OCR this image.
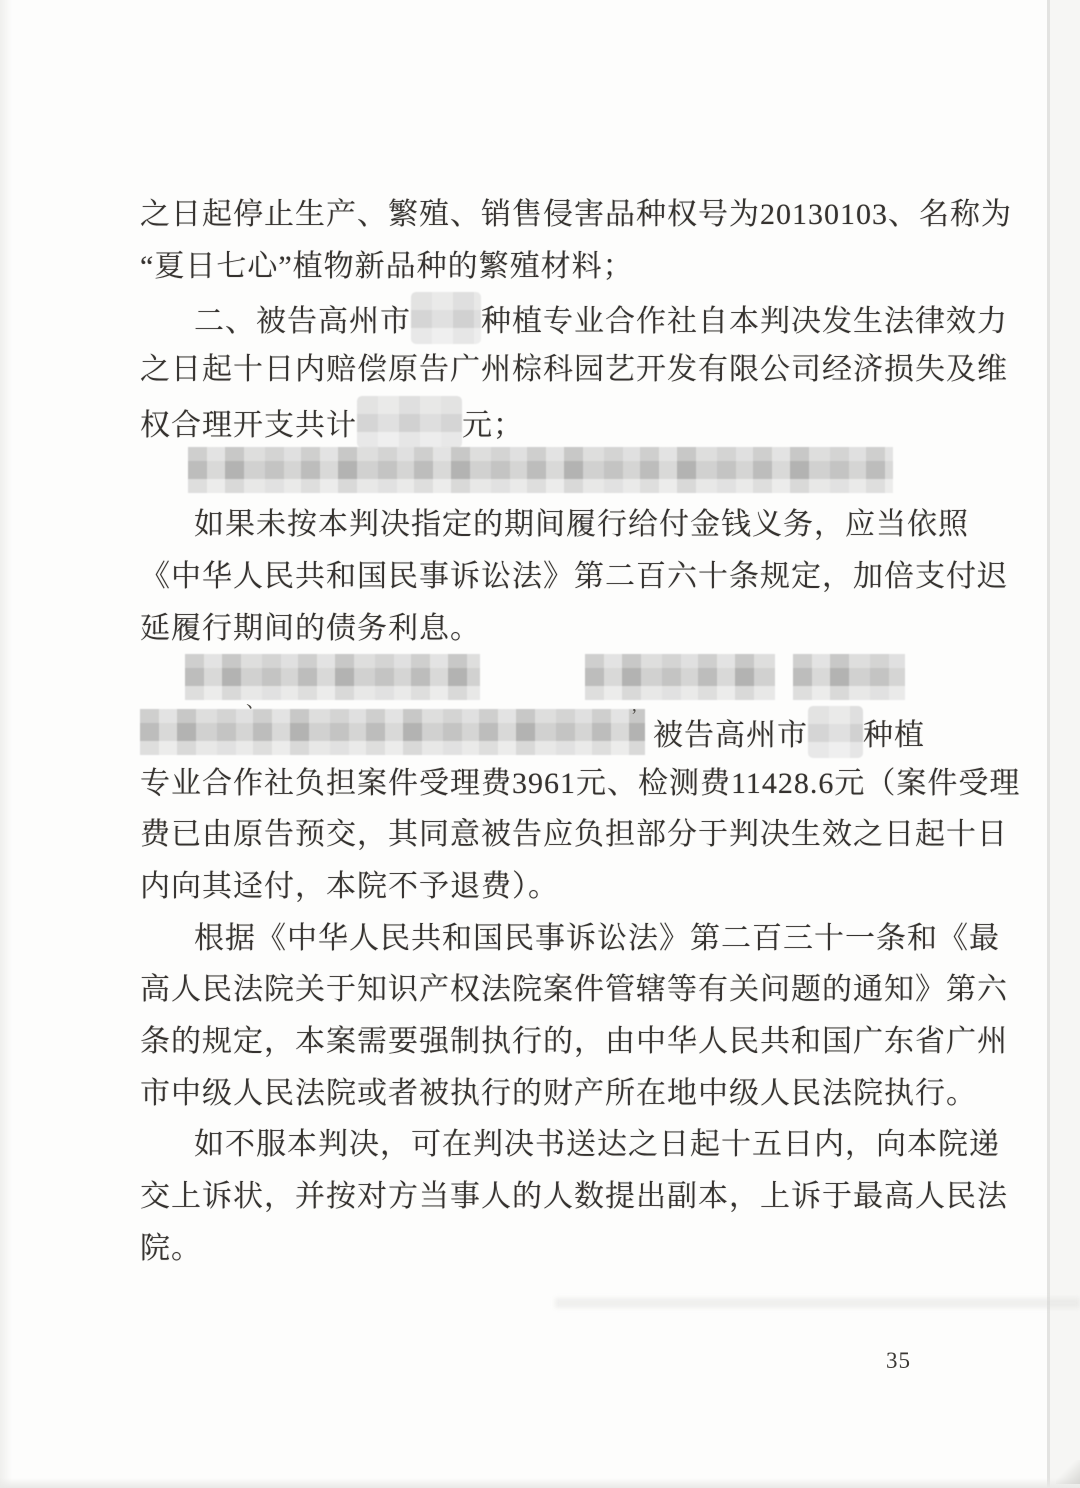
之日起停止生产、繁殖、销售侵害品种权号为20130103、名称为
“夏日七心”植物新品种的繁殖材料；
二、被告高州市 种植专业合作社自本判决发生法律效力
之日起十日内赔偿原告广州棕科园艺开发有限公司经济损失及维
权合理开支共计	元；
如果未按本判决指定的期间履行给付金钱义务，应当依照
《中华人民共和国民事诉讼法》第二百六十条规定，加倍支付迟
延履行期间的债务利息。
被告高州市 种植
专业合作社负担案件受理费3961元、检测费11428.6元（案件受理
费已由原告预交，其同意被告应负担部分于判决生效之日起十日
内向其迳付，本院不予退费）。
根据《中华人民共和国民事诉讼法》第二百三十一条和《最
高人民法院关于知识产权法院案件管辖等有关问题的通知》第六
条的规定，本案需要强制执行的，由中华人民共和国广东省广州
市中级人民法院或者被执行的财产所在地中级人民法院执行。
如不服本判决，可在判决书送达之日起十五日内，向本院递
交上诉状，并按对方当事人的人数提出副本，上诉于最高人民法
院。
35
、	,
